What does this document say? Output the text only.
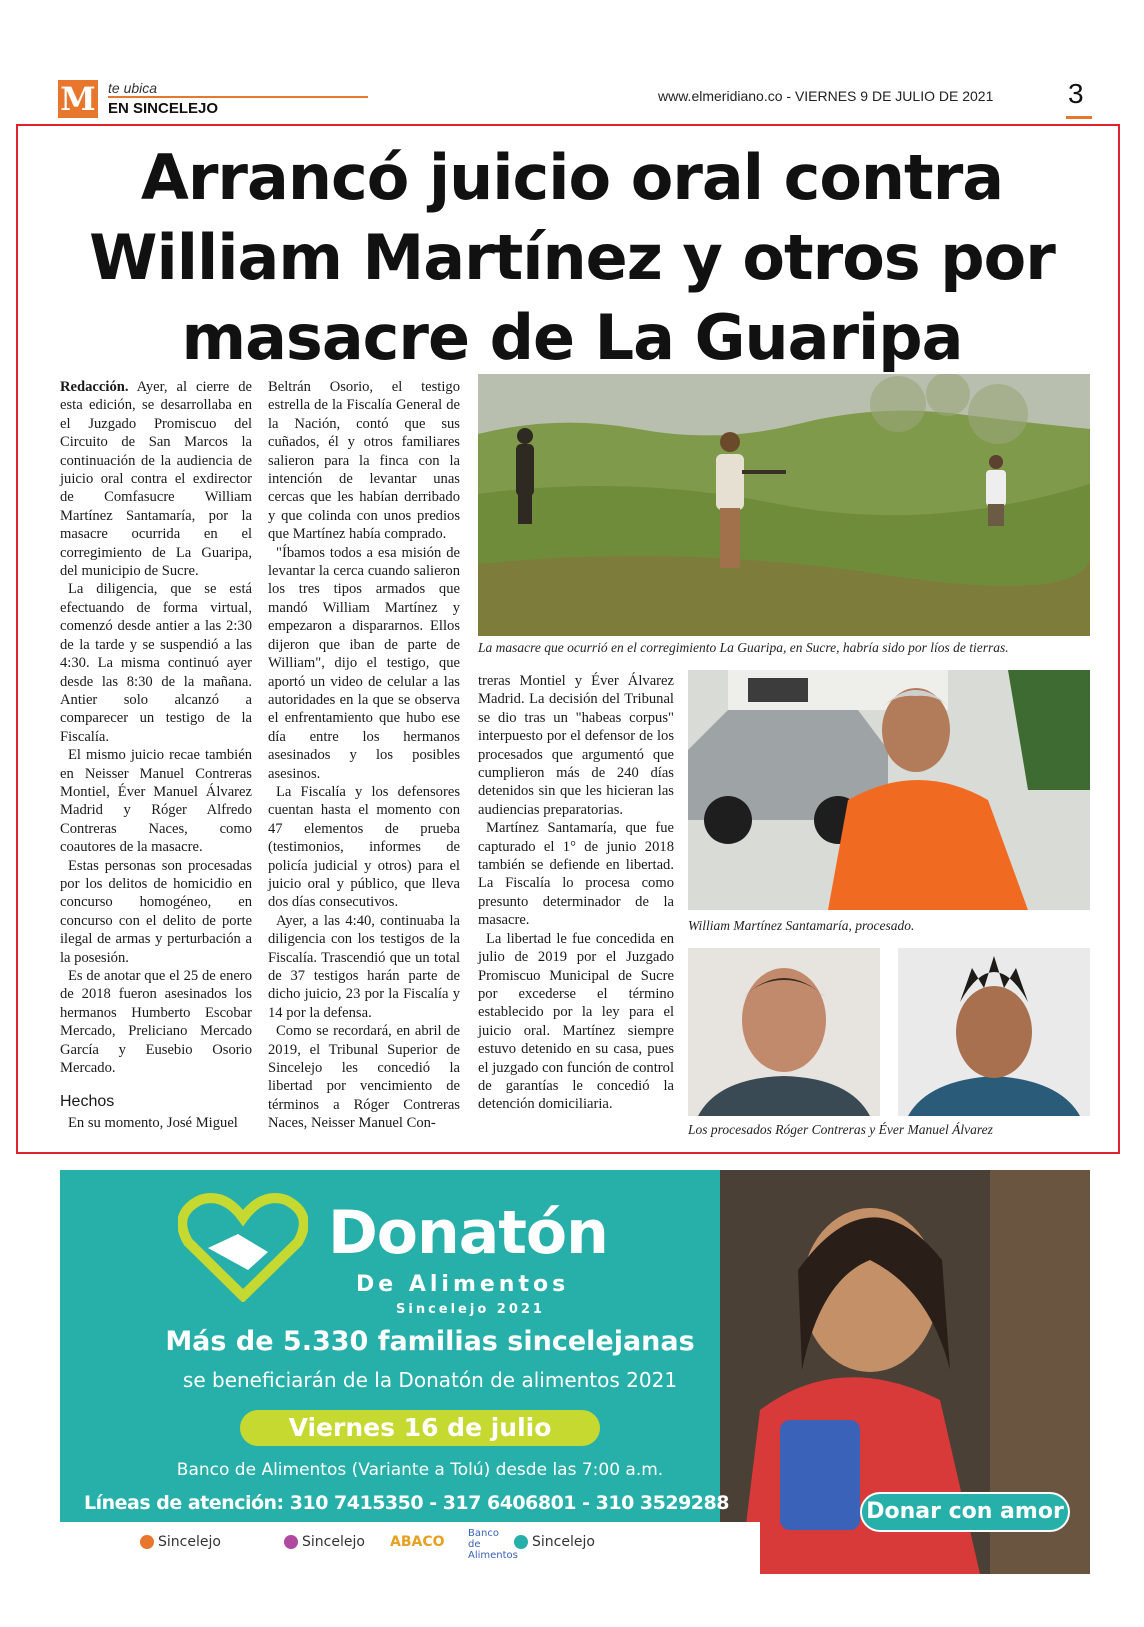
M te ubica
EN SINCELEJO
www.elmeridiano.co - VIERNES 9 DE JULIO DE 2021	3
Arrancó juicio oral contra
William Martínez y otros por
masacre de La Guaripa

Redacción. Ayer, al cierre de esta edición, se desarrollaba en el Juzgado Promiscuo del Circuito de San Marcos la continuación de la audiencia de juicio oral contra el exdirector de Comfasucre William Martínez Santamaría, por la masacre ocurrida en el corregimiento de La Guaripa, del municipio de Sucre.

La diligencia, que se está efectuando de forma virtual, comenzó desde antier a las 2:30 de la tarde y se suspendió a las 4:30. La misma continuó ayer desde las 8:30 de la mañana. Antier solo alcanzó a comparecer un testigo de la Fiscalía.

El mismo juicio recae también en Neisser Manuel Contreras Montiel, Éver Manuel Álvarez Madrid y Róger Alfredo Contreras Naces, como coautores de la masacre.

Estas personas son procesadas por los delitos de homicidio en concurso homogéneo, en concurso con el delito de porte ilegal de armas y perturbación a la posesión.

Es de anotar que el 25 de enero de 2018 fueron asesinados los hermanos Humberto Escobar Mercado, Preliciano Mercado García y Eusebio Osorio Mercado.

Hechos

En su momento, José Miguel

Beltrán Osorio, el testigo estrella de la Fiscalía General de la Nación, contó que sus cuñados, él y otros familiares salieron para la finca con la intención de levantar unas cercas que les habían derribado y que colinda con unos predios que Martínez había comprado.

"Íbamos todos a esa misión de levantar la cerca cuando salieron los tres tipos armados que mandó William Martínez y empezaron a dispararnos. Ellos dijeron que iban de parte de William", dijo el testigo, que aportó un video de celular a las autoridades en la que se observa el enfrentamiento que hubo ese día entre los hermanos asesinados y los posibles asesinos.

La Fiscalía y los defensores cuentan hasta el momento con 47 elementos de prueba (testimonios, informes de policía judicial y otros) para el juicio oral y público, que lleva dos días consecutivos.

Ayer, a las 4:40, continuaba la diligencia con los testigos de la Fiscalía. Trascendió que un total de 37 testigos harán parte de dicho juicio, 23 por la Fiscalía y 14 por la defensa.

Como se recordará, en abril de 2019, el Tribunal Superior de Sincelejo les concedió la libertad por vencimiento de términos a Róger Contreras Naces, Neisser Manuel Con-

treras Montiel y Éver Álvarez Madrid. La decisión del Tribunal se dio tras un "habeas corpus" interpuesto por el defensor de los procesados que argumentó que cumplieron más de 240 días detenidos sin que les hicieran las audiencias preparatorias.

Martínez Santamaría, que fue capturado el 1° de junio 2018 también se defiende en libertad. La Fiscalía lo procesa como presunto determinador de la masacre.

La libertad le fue concedida en julio de 2019 por el Juzgado Promiscuo Municipal de Sucre por excederse el término establecido por la ley para el juicio oral. Martínez siempre estuvo detenido en su casa, pues el juzgado con función de control de garantías le concedió la detención domiciliaria.

La masacre que ocurrió en el corregimiento La Guaripa, en Sucre, habría sido por líos de tierras.
William Martínez Santamaría, procesado.
Los procesados Róger Contreras y Éver Manuel Álvarez
Donatón
De Alimentos
Sincelejo 2021
Más de 5.330 familias sincelejanas
se beneficiarán de la Donatón de alimentos 2021
Viernes 16 de julio
Banco de Alimentos (Variante a Tolú) desde las 7:00 a.m.
Líneas de atención: 310 7415350 - 317 6406801 - 310 3529288
Sincelejo	Sincelejo ABACO
Banco de Alimentos
Sincelejo
Donar con amor
